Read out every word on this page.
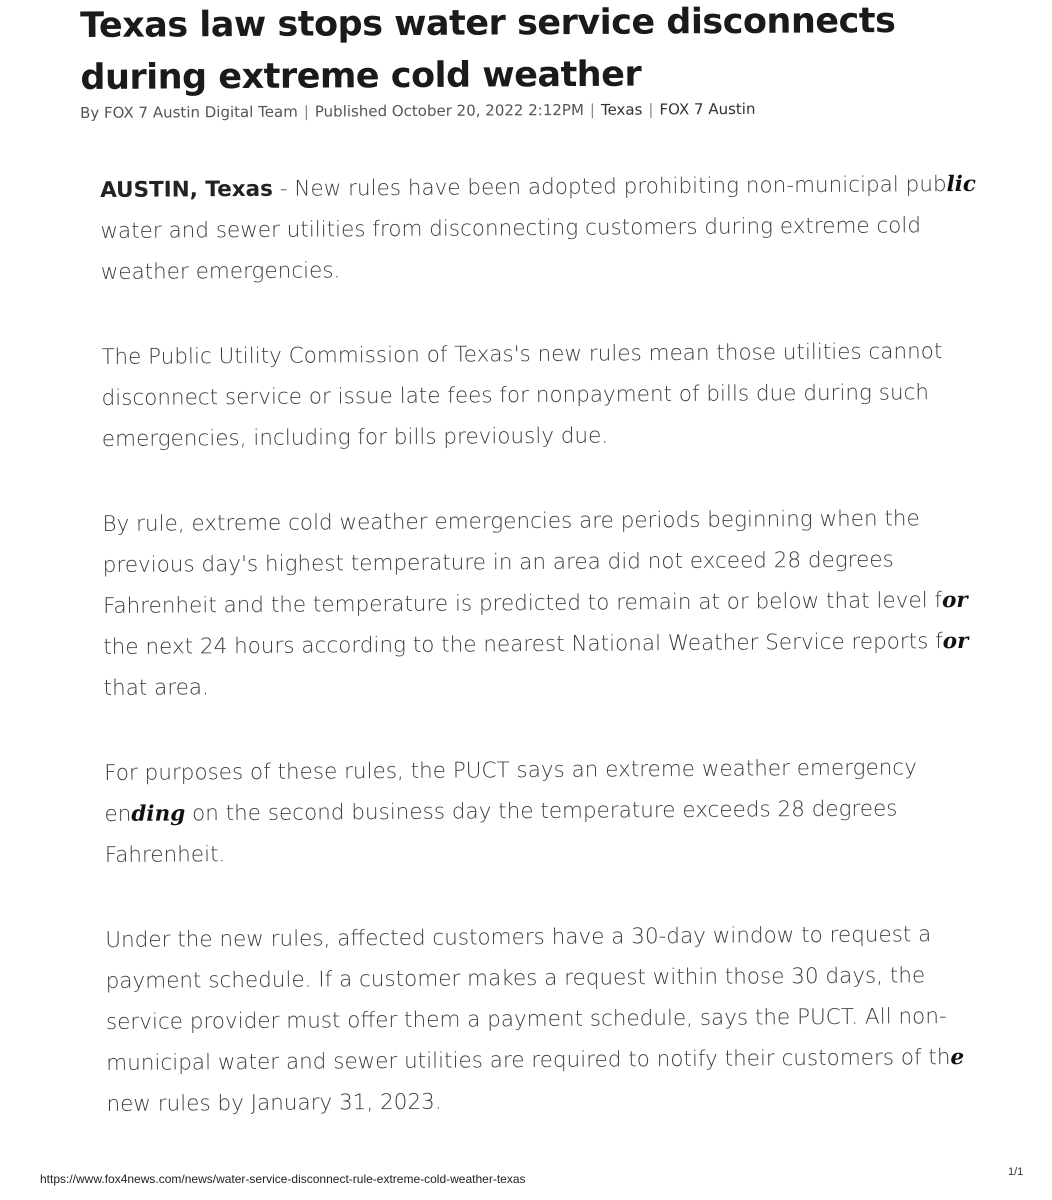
Texas law stops water service disconnects during extreme cold weather
By FOX 7 Austin Digital Team | Published October 20, 2022 2:12PM | Texas | FOX 7 Austin

AUSTIN, Texas - New rules have been adopted prohibiting non-municipal public water and sewer utilities from disconnecting customers during extreme cold weather emergencies.

The Public Utility Commission of Texas's new rules mean those utilities cannot disconnect service or issue late fees for nonpayment of bills due during such emergencies, including for bills previously due.

By rule, extreme cold weather emergencies are periods beginning when the previous day's highest temperature in an area did not exceed 28 degrees Fahrenheit and the temperature is predicted to remain at or below that level for the next 24 hours according to the nearest National Weather Service reports for that area.

For purposes of these rules, the PUCT says an extreme weather emergency ending on the second business day the temperature exceeds 28 degrees Fahrenheit.

Under the new rules, affected customers have a 30-day window to request a payment schedule. If a customer makes a request within those 30 days, the service provider must offer them a payment schedule, says the PUCT. All non-municipal water and sewer utilities are required to notify their customers of the new rules by January 31, 2023.

https://www.fox4news.com/news/water-service-disconnect-rule-extreme-cold-weather-texas	1/1
